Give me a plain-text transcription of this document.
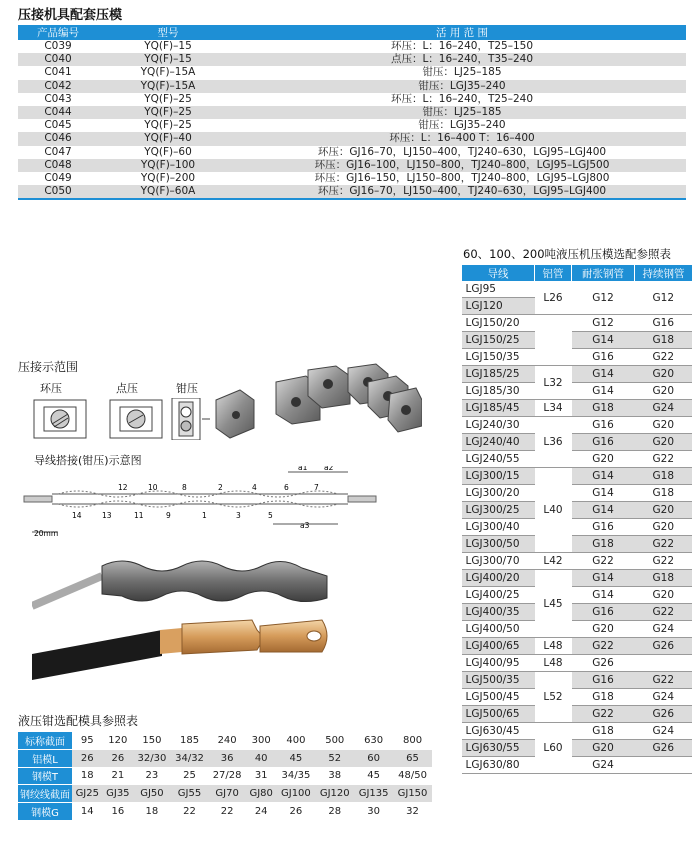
压接机具配套压模
产品编号	型号	活 用 范 围
C039	YQ(F)–15	环压：L：16–240，T25–150
C040	YQ(F)–15	点压：L：16–240，T35–240
C041	YQ(F)–15A	钳压：LJ25–185
C042	YQ(F)–15A	钳压：LGJ35–240
C043	YQ(F)–25	环压：L：16–240，T25–240
C044	YQ(F)–25	钳压：LJ25–185
C045	YQ(F)–25	钳压：LGJ35–240
C046	YQ(F)–40	环压：L：16–400 T：16–400
C047	YQ(F)–60	环压：GJ16–70，LJ150–400，TJ240–630，LGJ95–LGJ400
C048	YQ(F)–100	环压：GJ16–100，LJ150–800，TJ240–800，LGJ95–LGJ500
C049	YQ(F)–200	环压：GJ16–150，LJ150–800，TJ240–800，LGJ95–LGJ800
C050	YQ(F)–60A	环压：GJ16–70，LJ150–400，TJ240–630，LGJ95–LGJ400
60、100、200吨液压机压模选配参照表
导线	铝管	耐张钢管	持续钢管
LGJ95	L26	G12	G12
LGJ120			
LGJ150/20		G12	G16
LGJ150/25		G14	G18
LGJ150/35		G16	G22
LGJ185/25	L32	G14	G20
LGJ185/30		G14	G20
LGJ185/45	L34	G18	G24
LGJ240/30	L36	G16	G20
LGJ240/40		G16	G20
LGJ240/55		G20	G22
LGJ300/15	L40	G14	G18
LGJ300/20		G14	G18
LGJ300/25		G14	G20
LGJ300/40		G16	G20
LGJ300/50		G18	G22
LGJ300/70	L42	G22	G22
LGJ400/20	L45	G14	G18
LGJ400/25		G14	G20
LGJ400/35		G16	G22
LGJ400/50		G20	G24
LGJ400/65	L48	G22	G26
LGJ400/95	L48	G26	
LGJ500/35	L52	G16	G22
LGJ500/45		G18	G24
LGJ500/65		G22	G26
LGJ630/45	L60	G18	G24
LGJ630/55		G20	G26
LGJ630/80		G24	
压接示范围
环压	点压	钳压
导线搭接(钳压)示意图
12	10	8	2	4	6	7
14	13	11	9	1	3	5
a1 a2
a3
20mm
液压钳选配模具参照表
标称截面	95	120	150	185	240	300	400	500	630	800
铝模L	26	26	32/30	34/32	36	40	45	52	60	65
钢模T	18	21	23	25	27/28	31	34/35	38	45	48/50
钢绞线截面	GJ25	GJ35	GJ50	GJ55	GJ70	GJ80	GJ100	GJ120	GJ135	GJ150
钢模G	14	16	18	22	22	24	26	28	30	32
